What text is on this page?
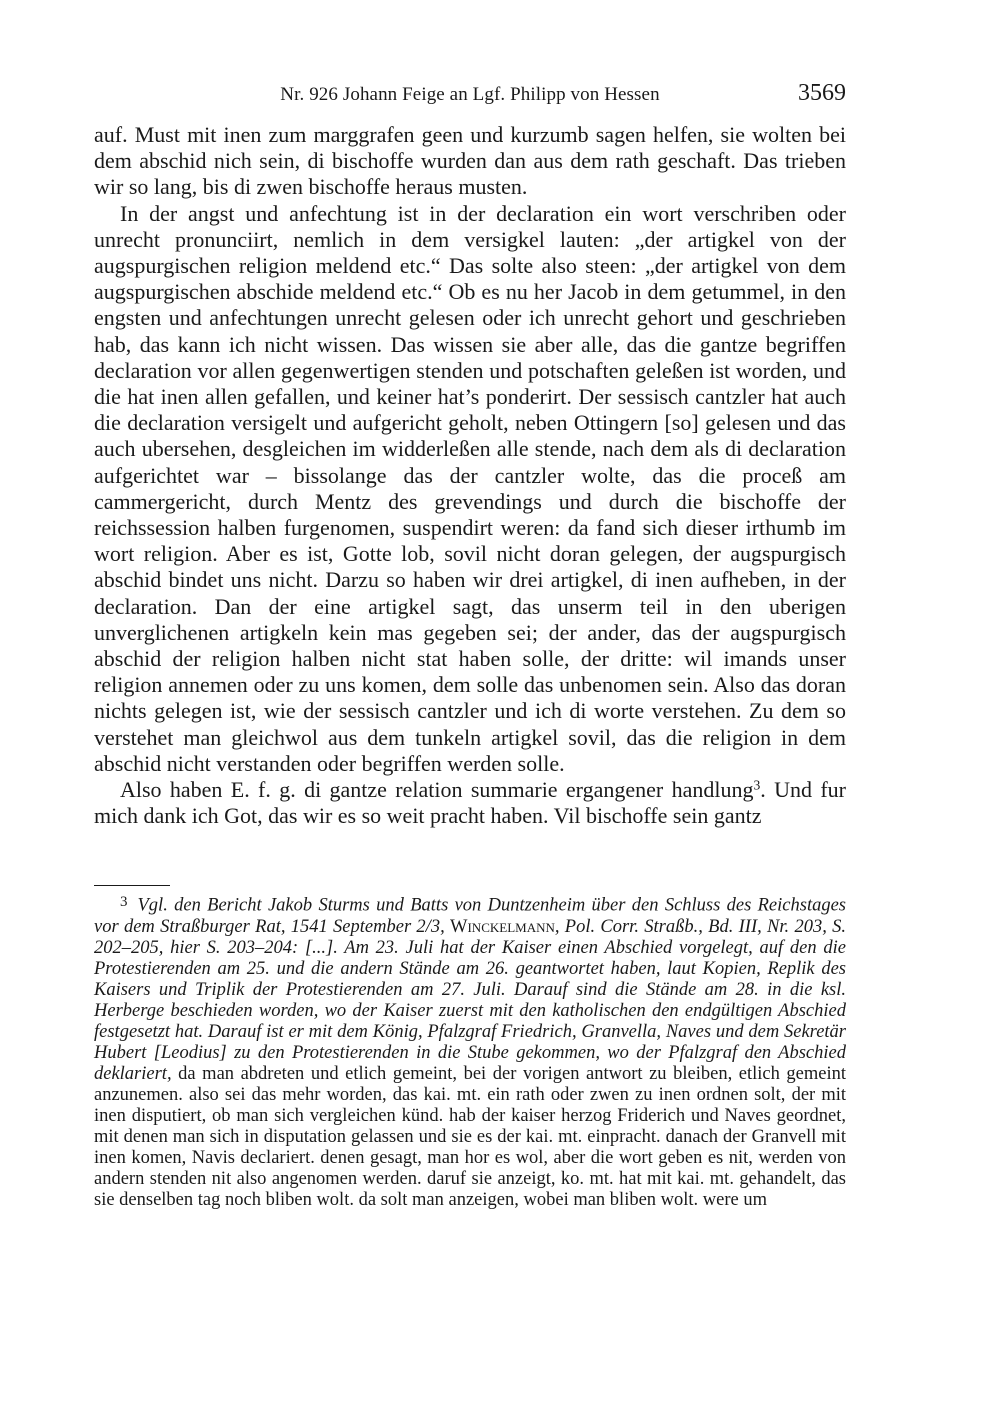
Nr. 926 Johann Feige an Lgf. Philipp von Hessen	3569

auf. Must mit inen zum marggrafen geen und kurzumb sagen helfen, sie wolten bei dem abschid nich sein, di bischoffe wurden dan aus dem rath geschaft. Das trieben wir so lang, bis di zwen bischoffe heraus musten.

In der angst und anfechtung ist in der declaration ein wort verschriben oder unrecht pronunciirt, nemlich in dem versigkel lauten: „der artigkel von der augspurgischen religion meldend etc.“ Das solte also steen: „der artigkel von dem augspurgischen abschide meldend etc.“ Ob es nu her Jacob in dem getummel, in den engsten und anfechtungen unrecht gelesen oder ich unrecht gehort und geschrieben hab, das kann ich nicht wissen. Das wissen sie aber alle, das die gantze begriffen declaration vor allen gegenwertigen stenden und potschaften geleßen ist worden, und die hat inen allen gefallen, und keiner hat’s ponderirt. Der sessisch cantzler hat auch die declaration versigelt und aufgericht geholt, neben Ottingern [so] gelesen und das auch ubersehen, desgleichen im widderleßen alle stende, nach dem als di declaration aufgerichtet war – bissolange das der cantzler wolte, das die proceß am cammergericht, durch Mentz des grevendings und durch die bischoffe der reichssession halben furgenomen, suspendirt weren: da fand sich dieser irthumb im wort religion. Aber es ist, Gotte lob, sovil nicht doran gelegen, der augspurgisch abschid bindet uns nicht. Darzu so haben wir drei artigkel, di inen aufheben, in der declaration. Dan der eine artigkel sagt, das unserm teil in den uberigen unverglichenen artigkeln kein mas gegeben sei; der ander, das der augspurgisch abschid der religion halben nicht stat haben solle, der dritte: wil imands unser religion annemen oder zu uns komen, dem solle das unbenomen sein. Also das doran nichts gelegen ist, wie der sessisch cantzler und ich di worte verstehen. Zu dem so verstehet man gleichwol aus dem tunkeln artigkel sovil, das die religion in dem abschid nicht verstanden oder begriffen werden solle.

Also haben E. f. g. di gantze relation summarie ergangener handlung$^3$. Und fur mich dank ich Got, das wir es so weit pracht haben. Vil bischoffe sein gantz

$^3$ Vgl. den Bericht Jakob Sturms und Batts von Duntzenheim über den Schluss des Reichstages vor dem Straßburger Rat, 1541 September 2/3, Winckelmann, Pol. Corr. Straßb., Bd. III, Nr. 203, S. 202–205, hier S. 203–204: [...]. Am 23. Juli hat der Kaiser einen Abschied vorgelegt, auf den die Protestierenden am 25. und die andern Stände am 26. geantwortet haben, laut Kopien, Replik des Kaisers und Triplik der Protestierenden am 27. Juli. Darauf sind die Stände am 28. in die ksl. Herberge beschieden worden, wo der Kaiser zuerst mit den katholischen den endgültigen Abschied festgesetzt hat. Darauf ist er mit dem König, Pfalzgraf Friedrich, Granvella, Naves und dem Sekretär Hubert [Leodius] zu den Protestierenden in die Stube gekommen, wo der Pfalzgraf den Abschied deklariert, da man abdreten und etlich gemeint, bei der vorigen antwort zu bleiben, etlich gemeint anzunemen. also sei das mehr worden, das kai. mt. ein rath oder zwen zu inen ordnen solt, der mit inen disputiert, ob man sich vergleichen künd. hab der kaiser herzog Friderich und Naves geordnet, mit denen man sich in disputation gelassen und sie es der kai. mt. einpracht. danach der Granvell mit inen komen, Navis declariert. denen gesagt, man hor es wol, aber die wort geben es nit, werden von andern stenden nit also angenomen werden. daruf sie anzeigt, ko. mt. hat mit kai. mt. gehandelt, das sie denselben tag noch bliben wolt. da solt man anzeigen, wobei man bliben wolt. were um
